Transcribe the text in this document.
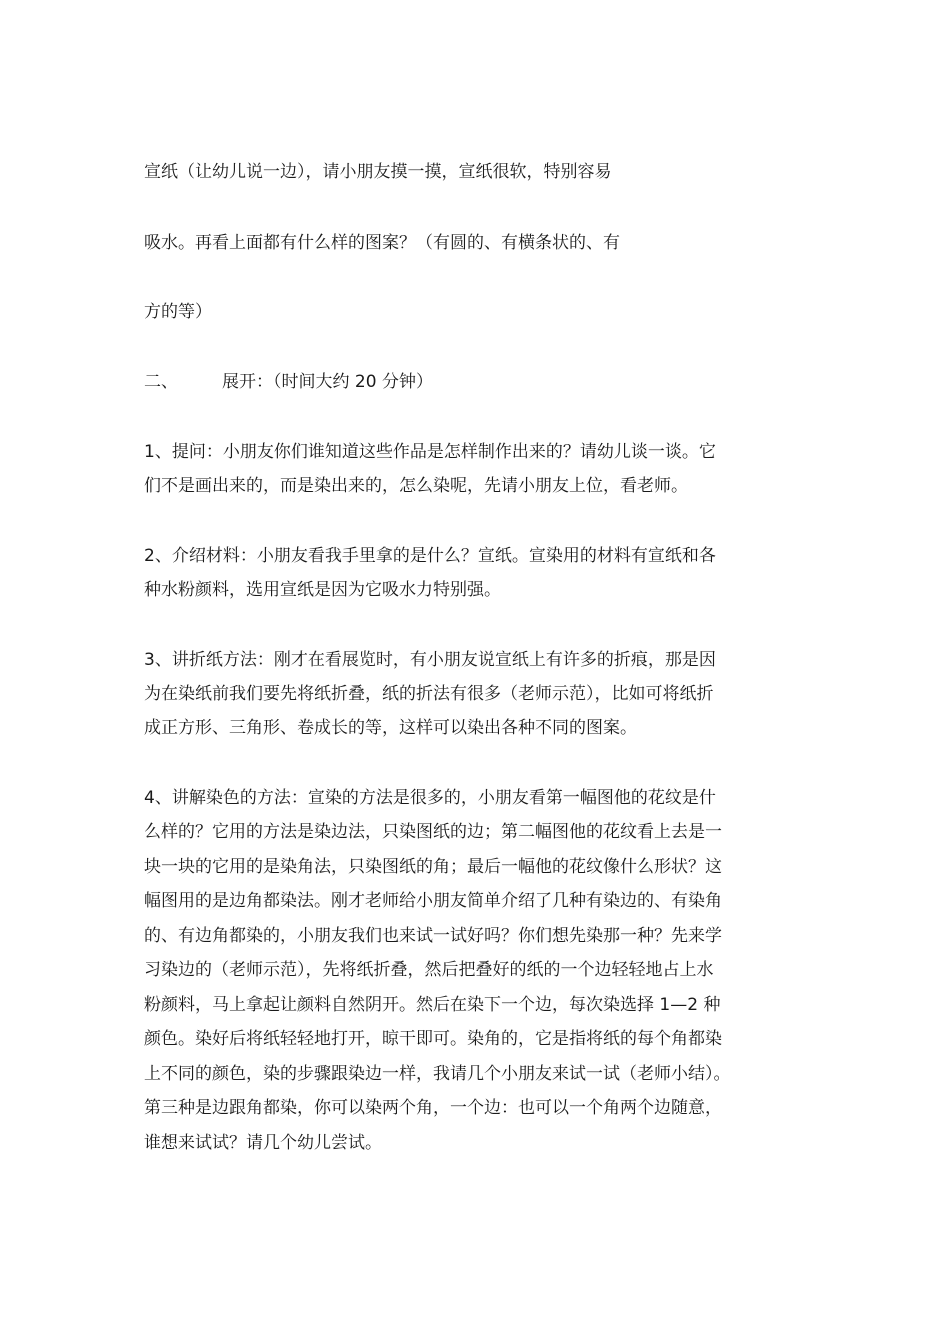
宣纸（让幼儿说一边），请小朋友摸一摸，宣纸很软，特别容易
吸水。再看上面都有什么样的图案？（有圆的、有横条状的、有
方的等）
二、	展开：（时间大约 20 分钟）
1、提问：小朋友你们谁知道这些作品是怎样制作出来的？请幼儿谈一谈。它
们不是画出来的，而是染出来的，怎么染呢，先请小朋友上位，看老师。
2、介绍材料：小朋友看我手里拿的是什么？宣纸。宣染用的材料有宣纸和各
种水粉颜料，选用宣纸是因为它吸水力特别强。
3、讲折纸方法：刚才在看展览时，有小朋友说宣纸上有许多的折痕，那是因
为在染纸前我们要先将纸折叠，纸的折法有很多（老师示范），比如可将纸折
成正方形、三角形、卷成长的等，这样可以染出各种不同的图案。
4、讲解染色的方法：宣染的方法是很多的，小朋友看第一幅图他的花纹是什
么样的？它用的方法是染边法，只染图纸的边；第二幅图他的花纹看上去是一
块一块的它用的是染角法，只染图纸的角；最后一幅他的花纹像什么形状？这
幅图用的是边角都染法。刚才老师给小朋友简单介绍了几种有染边的、有染角
的、有边角都染的，小朋友我们也来试一试好吗？你们想先染那一种？先来学
习染边的（老师示范），先将纸折叠，然后把叠好的纸的一个边轻轻地占上水
粉颜料，马上拿起让颜料自然阴开。然后在染下一个边，每次染选择 1—2 种
颜色。染好后将纸轻轻地打开，晾干即可。染角的，它是指将纸的每个角都染
上不同的颜色，染的步骤跟染边一样，我请几个小朋友来试一试（老师小结）。
第三种是边跟角都染，你可以染两个角，一个边：也可以一个角两个边随意，
谁想来试试？请几个幼儿尝试。
